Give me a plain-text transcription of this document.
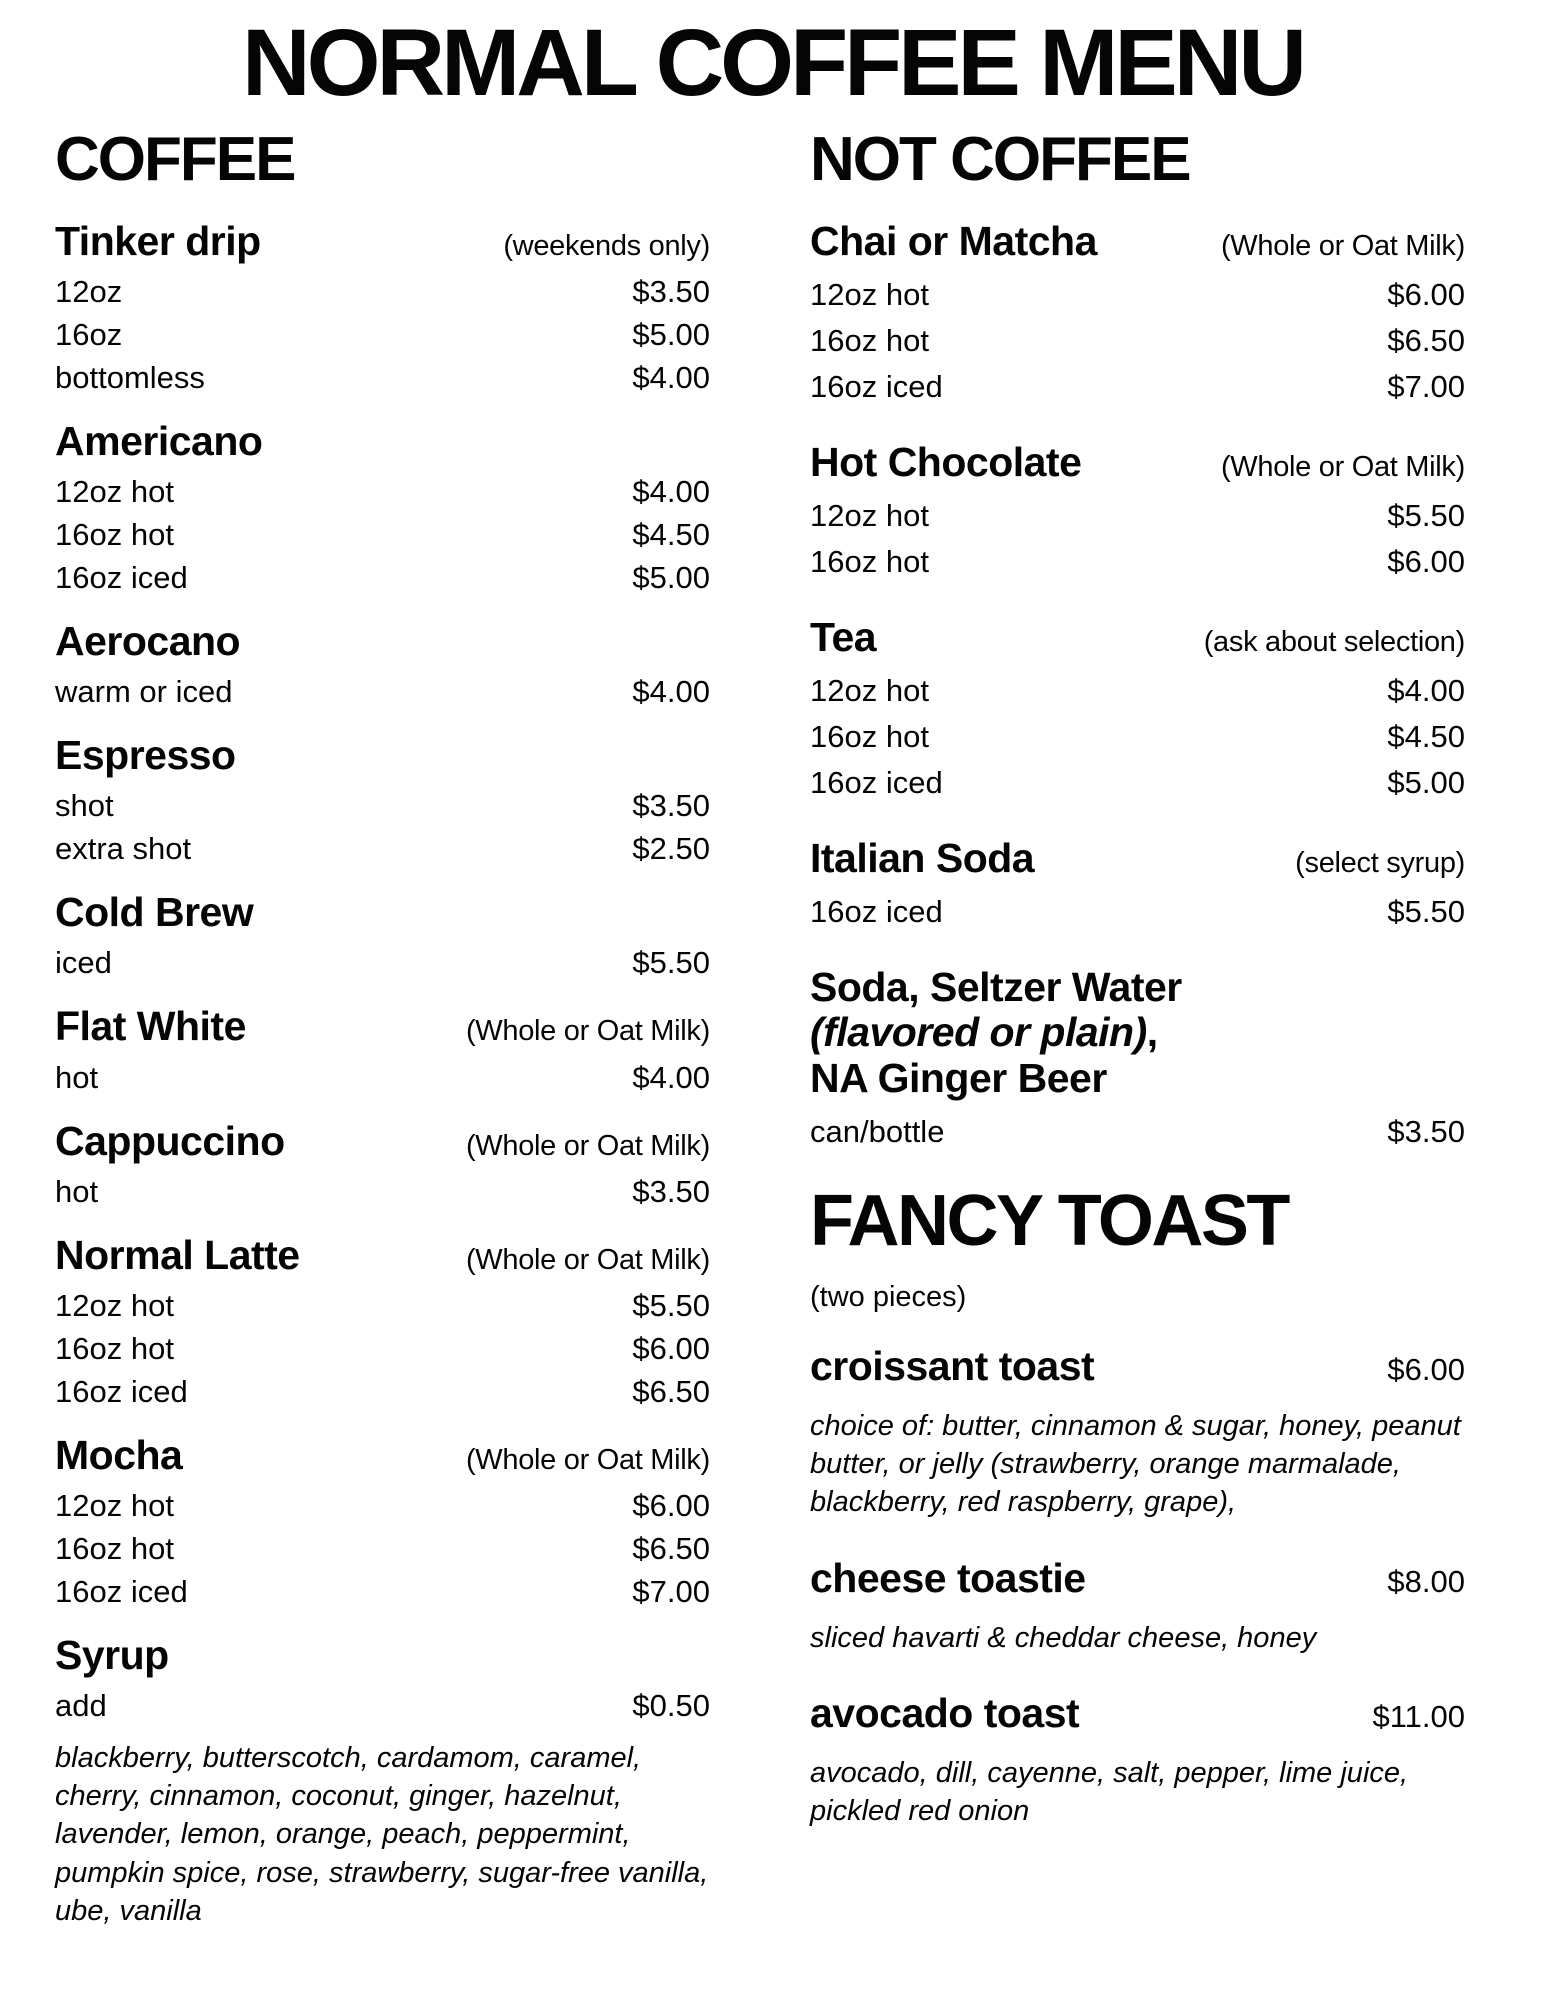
NORMAL COFFEE MENU
COFFEE
Tinker drip	(weekends only)
12oz	$3.50
16oz	$5.00
bottomless	$4.00
Americano
12oz hot	$4.00
16oz hot	$4.50
16oz iced	$5.00
Aerocano
warm or iced	$4.00
Espresso
shot	$3.50
extra shot	$2.50
Cold Brew
iced	$5.50
Flat White	(Whole or Oat Milk)
hot	$4.00
Cappuccino	(Whole or Oat Milk)
hot	$3.50
Normal Latte	(Whole or Oat Milk)
12oz hot	$5.50
16oz hot	$6.00
16oz iced	$6.50
Mocha	(Whole or Oat Milk)
12oz hot	$6.00
16oz hot	$6.50
16oz iced	$7.00
Syrup
add	$0.50

blackberry, butterscotch, cardamom, caramel, cherry, cinnamon, coconut, ginger, hazelnut, lavender, lemon, orange, peach, peppermint, pumpkin spice, rose, strawberry, sugar-free vanilla, ube, vanilla

NOT COFFEE
Chai or Matcha	(Whole or Oat Milk)
12oz hot	$6.00
16oz hot	$6.50
16oz iced	$7.00
Hot Chocolate	(Whole or Oat Milk)
12oz hot	$5.50
16oz hot	$6.00
Tea	(ask about selection)
12oz hot	$4.00
16oz hot	$4.50
16oz iced	$5.00
Italian Soda	(select syrup)
16oz iced	$5.50
Soda, Seltzer Water
(flavored or plain),
NA Ginger Beer
can/bottle	$3.50
FANCY TOAST

(two pieces)

croissant toast	$6.00

choice of: butter, cinnamon & sugar, honey, peanut butter, or jelly (strawberry, orange marmalade, blackberry, red raspberry, grape),

cheese toastie	$8.00

sliced havarti & cheddar cheese, honey

avocado toast	$11.00

avocado, dill, cayenne, salt, pepper, lime juice, pickled red onion
